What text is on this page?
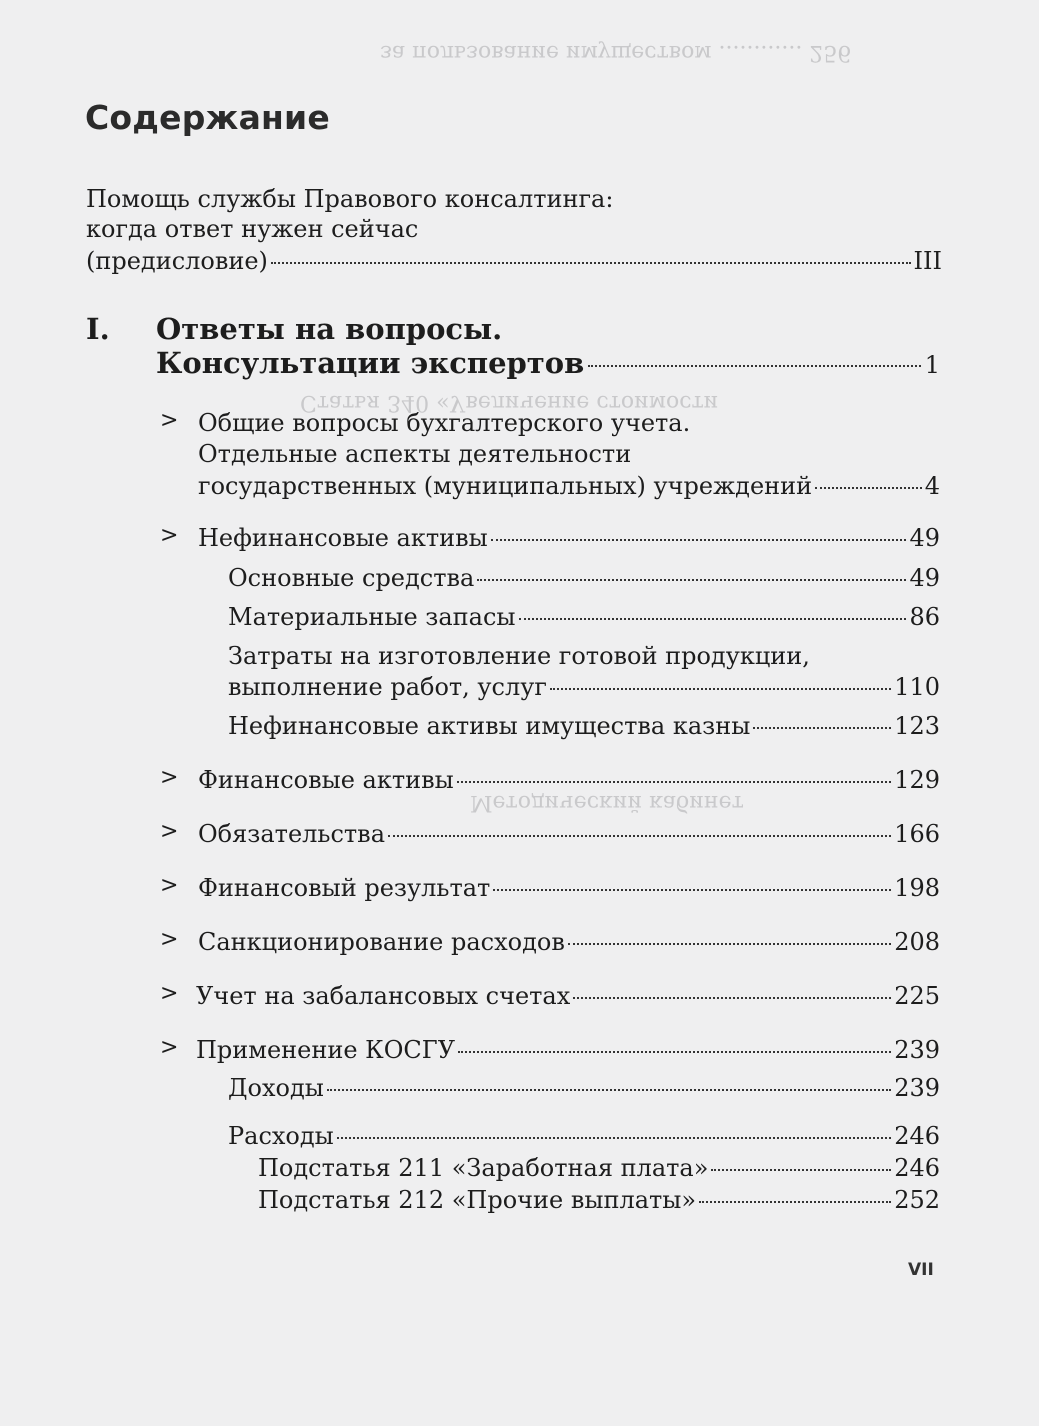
за пользование имуществом ............ 256
Статья 340 «Увеличение стоимости
Методический кабинет
Содержание
Помощь службы Правового консалтинга:
когда ответ нужен сейчас
(предисловие)	III
I. Ответы на вопросы.
Консультации экспертов	1
> Общие вопросы бухгалтерского учета.
Отдельные аспекты деятельности
государственных (муниципальных) учреждений	4
> Нефинансовые активы	49
Основные средства	49
Материальные запасы	86
Затраты на изготовление готовой продукции,
выполнение работ, услуг	110
Нефинансовые активы имущества казны	123
> Финансовые активы	129
> Обязательства	166
> Финансовый результат	198
> Санкционирование расходов	208
> Учет на забалансовых счетах	225
> Применение КОСГУ	239
Доходы	239
Расходы	246
Подстатья 211 «Заработная плата»	246
Подстатья 212 «Прочие выплаты»	252
VII
